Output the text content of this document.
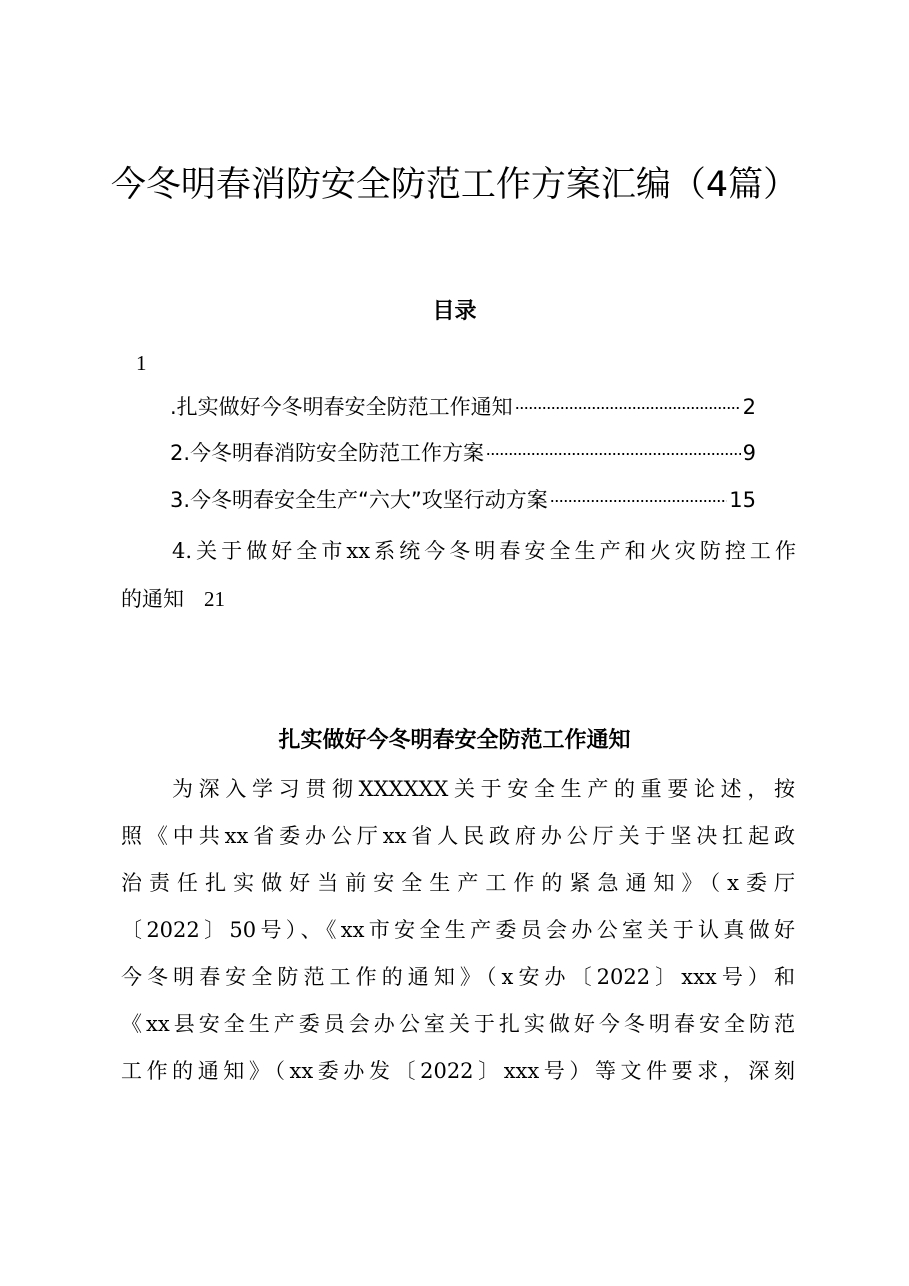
今冬明春消防安全防范工作方案汇编（4篇）
目录
1
.扎实做好今冬明春安全防范工作通知	2
2.今冬明春消防安全防范工作方案	9
3.今冬明春安全生产“六大”攻坚行动方案	15
4.关于做好全市xx系统今冬明春安全生产和火灾防控工作
的通知 21
扎实做好今冬明春安全防范工作通知
为深入学习贯彻XXXXXX关于安全生产的重要论述，按
照《中共xx省委办公厅xx省人民政府办公厅关于坚决扛起政
治责任扎实做好当前安全生产工作的紧急通知》（x委厅
〔2022〕50号）、《xx市安全生产委员会办公室关于认真做好
今冬明春安全防范工作的通知》（x安办〔2022〕xxx号）和
《xx县安全生产委员会办公室关于扎实做好今冬明春安全防范
工作的通知》（xx委办发〔2022〕xxx号）等文件要求，深刻
